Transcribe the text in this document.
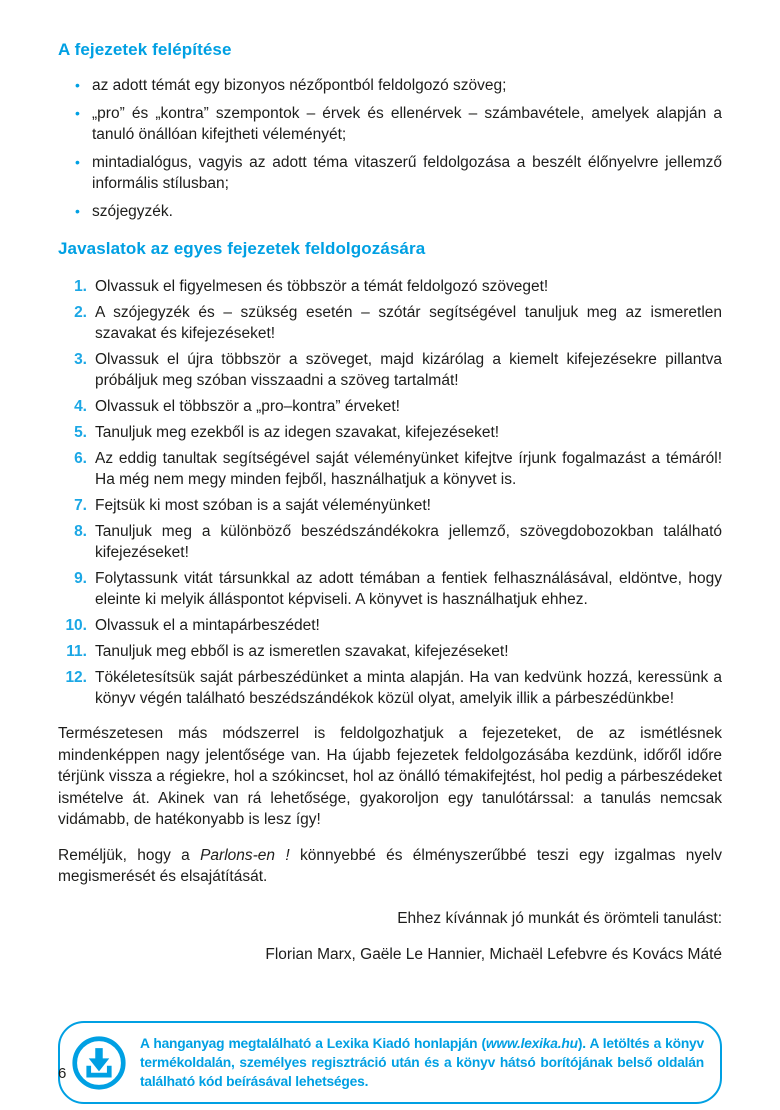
A fejezetek felépítése
• az adott témát egy bizonyos nézőpontból feldolgozó szöveg;
• „pro” és „kontra” szempontok – érvek és ellenérvek – számbavétele, amelyek alapján a tanuló önállóan kifejtheti véleményét;
• mintadialógus, vagyis az adott téma vitaszerű feldolgozása a beszélt élőnyelvre jellemző informális stílusban;
• szójegyzék.
Javaslatok az egyes fejezetek feldolgozására
1. Olvassuk el figyelmesen és többször a témát feldolgozó szöveget!
2. A szójegyzék és – szükség esetén – szótár segítségével tanuljuk meg az ismeretlen szavakat és kifejezéseket!
3. Olvassuk el újra többször a szöveget, majd kizárólag a kiemelt kifejezésekre pillantva próbáljuk meg szóban visszaadni a szöveg tartalmát!
4. Olvassuk el többször a „pro–kontra” érveket!
5. Tanuljuk meg ezekből is az idegen szavakat, kifejezéseket!
6. Az eddig tanultak segítségével saját véleményünket kifejtve írjunk fogalmazást a témáról! Ha még nem megy minden fejből, használhatjuk a könyvet is.
7. Fejtsük ki most szóban is a saját véleményünket!
8. Tanuljuk meg a különböző beszédszándékokra jellemző, szövegdobozokban található kifejezéseket!
9. Folytassunk vitát társunkkal az adott témában a fentiek felhasználásával, eldöntve, hogy eleinte ki melyik álláspontot képviseli. A könyvet is használhatjuk ehhez.
10. Olvassuk el a mintapárbeszédet!
11. Tanuljuk meg ebből is az ismeretlen szavakat, kifejezéseket!
12. Tökéletesítsük saját párbeszédünket a minta alapján. Ha van kedvünk hozzá, keressünk a könyv végén található beszédszándékok közül olyat, amelyik illik a párbeszédünkbe!

Természetesen más módszerrel is feldolgozhatjuk a fejezeteket, de az ismétlésnek mindenképpen nagy jelentősége van. Ha újabb fejezetek feldolgozásába kezdünk, időről időre térjünk vissza a régiekre, hol a szókincset, hol az önálló témakifejtést, hol pedig a párbeszédeket ismételve át. Akinek van rá lehetősége, gyakoroljon egy tanulótárssal: a tanulás nemcsak vidámabb, de hatékonyabb is lesz így!

Reméljük, hogy a Parlons-en ! könnyebbé és élményszerűbbé teszi egy izgalmas nyelv megismerését és elsajátítását.

Ehhez kívánnak jó munkát és örömteli tanulást:

Florian Marx, Gaële Le Hannier, Michaël Lefebvre és Kovács Máté

A hanganyag megtalálható a Lexika Kiadó honlapján (www.lexika.hu). A letöltés a könyv termékoldalán, személyes regisztráció után és a könyv hátsó borítójának belső oldalán található kód beírásával lehetséges.
6
